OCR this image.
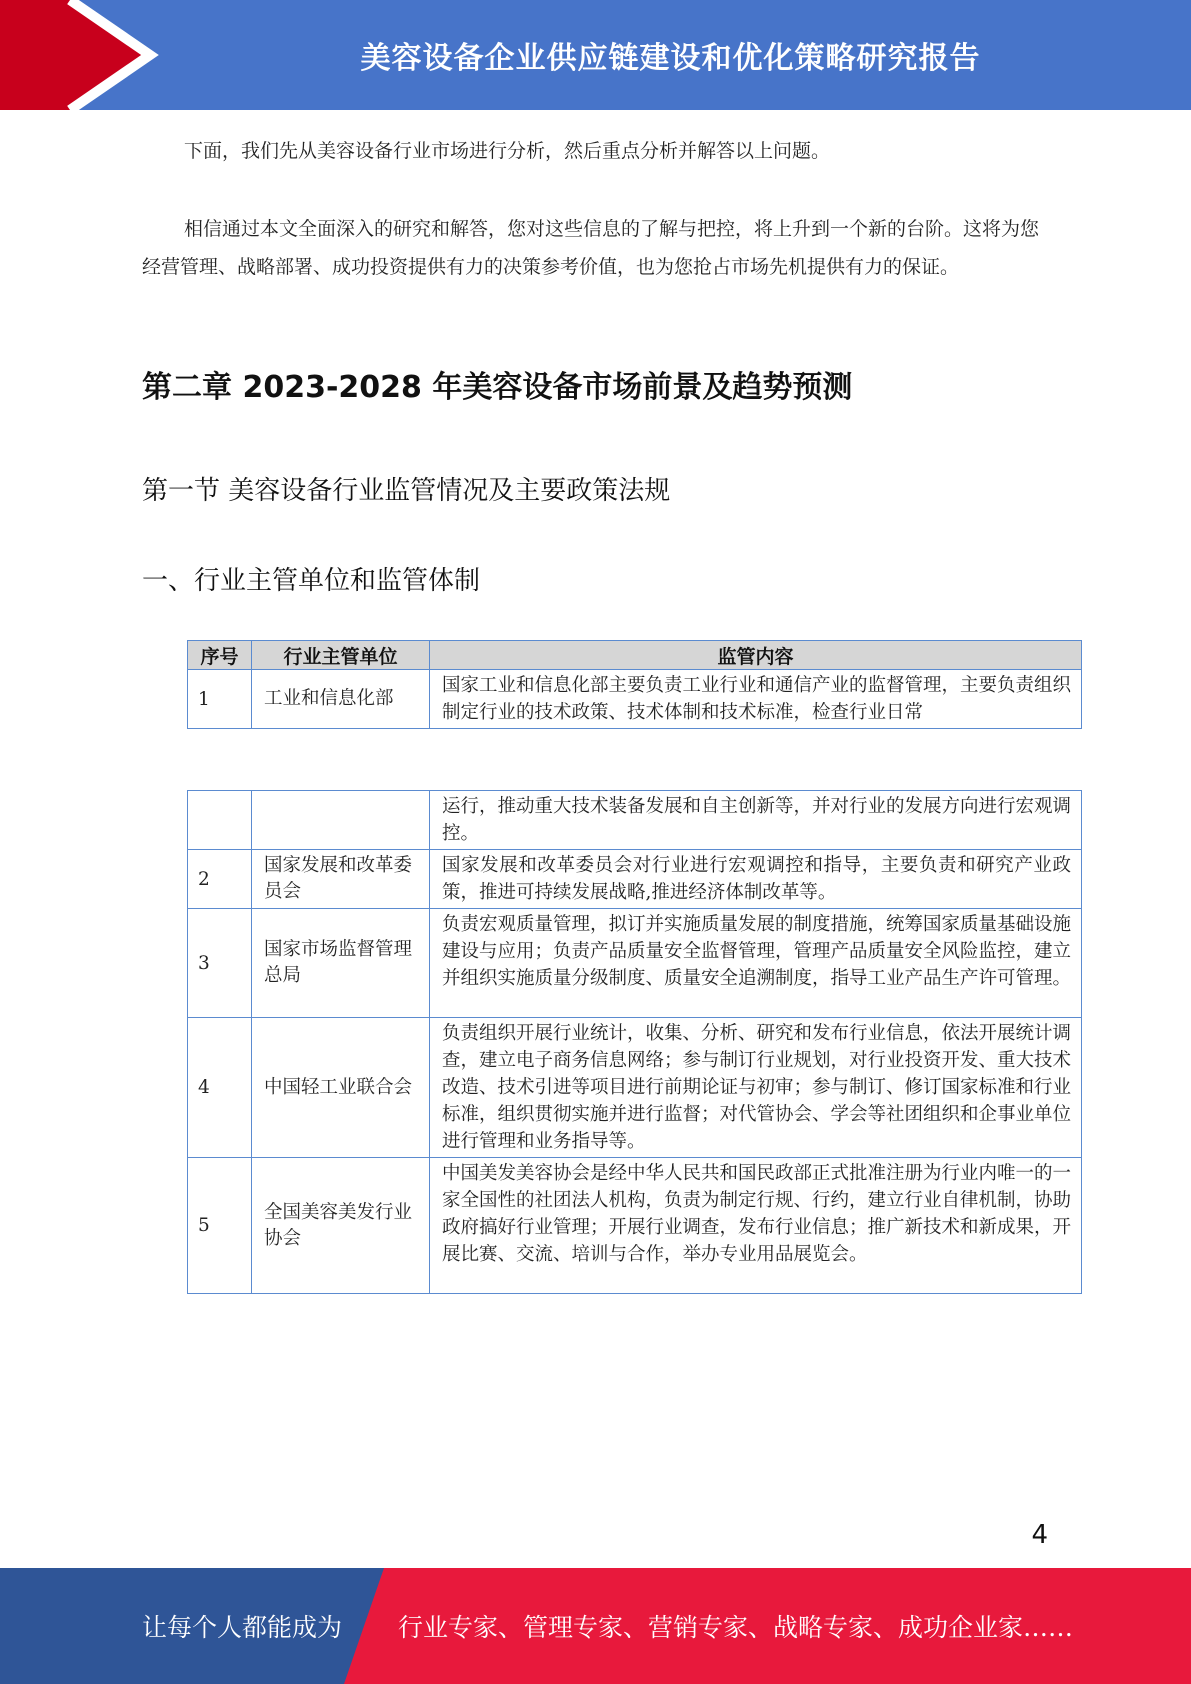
美容设备企业供应链建设和优化策略研究报告
下面，我们先从美容设备行业市场进行分析，然后重点分析并解答以上问题。
相信通过本文全面深入的研究和解答，您对这些信息的了解与把控，将上升到一个新的台阶。这将为您经营管理、战略部署、成功投资提供有力的决策参考价值，也为您抢占市场先机提供有力的保证。
第二章 2023-2028 年美容设备市场前景及趋势预测
第一节 美容设备行业监管情况及主要政策法规
一、行业主管单位和监管体制
序号	行业主管单位	监管内容
1	工业和信息化部	国家工业和信息化部主要负责工业行业和通信产业的监督管理，主要负责组织制定行业的技术政策、技术体制和技术标准，检查行业日常
		运行，推动重大技术装备发展和自主创新等，并对行业的发展方向进行宏观调控。
2	国家发展和改革委员会	国家发展和改革委员会对行业进行宏观调控和指导，主要负责和研究产业政策，推进可持续发展战略,推进经济体制改革等。
3	国家市场监督管理总局	负责宏观质量管理，拟订并实施质量发展的制度措施，统筹国家质量基础设施建设与应用；负责产品质量安全监督管理，管理产品质量安全风险监控，建立并组织实施质量分级制度、质量安全追溯制度，指导工业产品生产许可管理。
4	中国轻工业联合会	负责组织开展行业统计，收集、分析、研究和发布行业信息，依法开展统计调查，建立电子商务信息网络；参与制订行业规划，对行业投资开发、重大技术改造、技术引进等项目进行前期论证与初审；参与制订、修订国家标准和行业标准，组织贯彻实施并进行监督；对代管协会、学会等社团组织和企事业单位进行管理和业务指导等。
5	全国美容美发行业协会	中国美发美容协会是经中华人民共和国民政部正式批准注册为行业内唯一的一家全国性的社团法人机构，负责为制定行规、行约，建立行业自律机制，协助政府搞好行业管理；开展行业调查，发布行业信息；推广新技术和新成果，开展比赛、交流、培训与合作，举办专业用品展览会。
4
让每个人都能成为 行业专家、管理专家、营销专家、战略专家、成功企业家……
